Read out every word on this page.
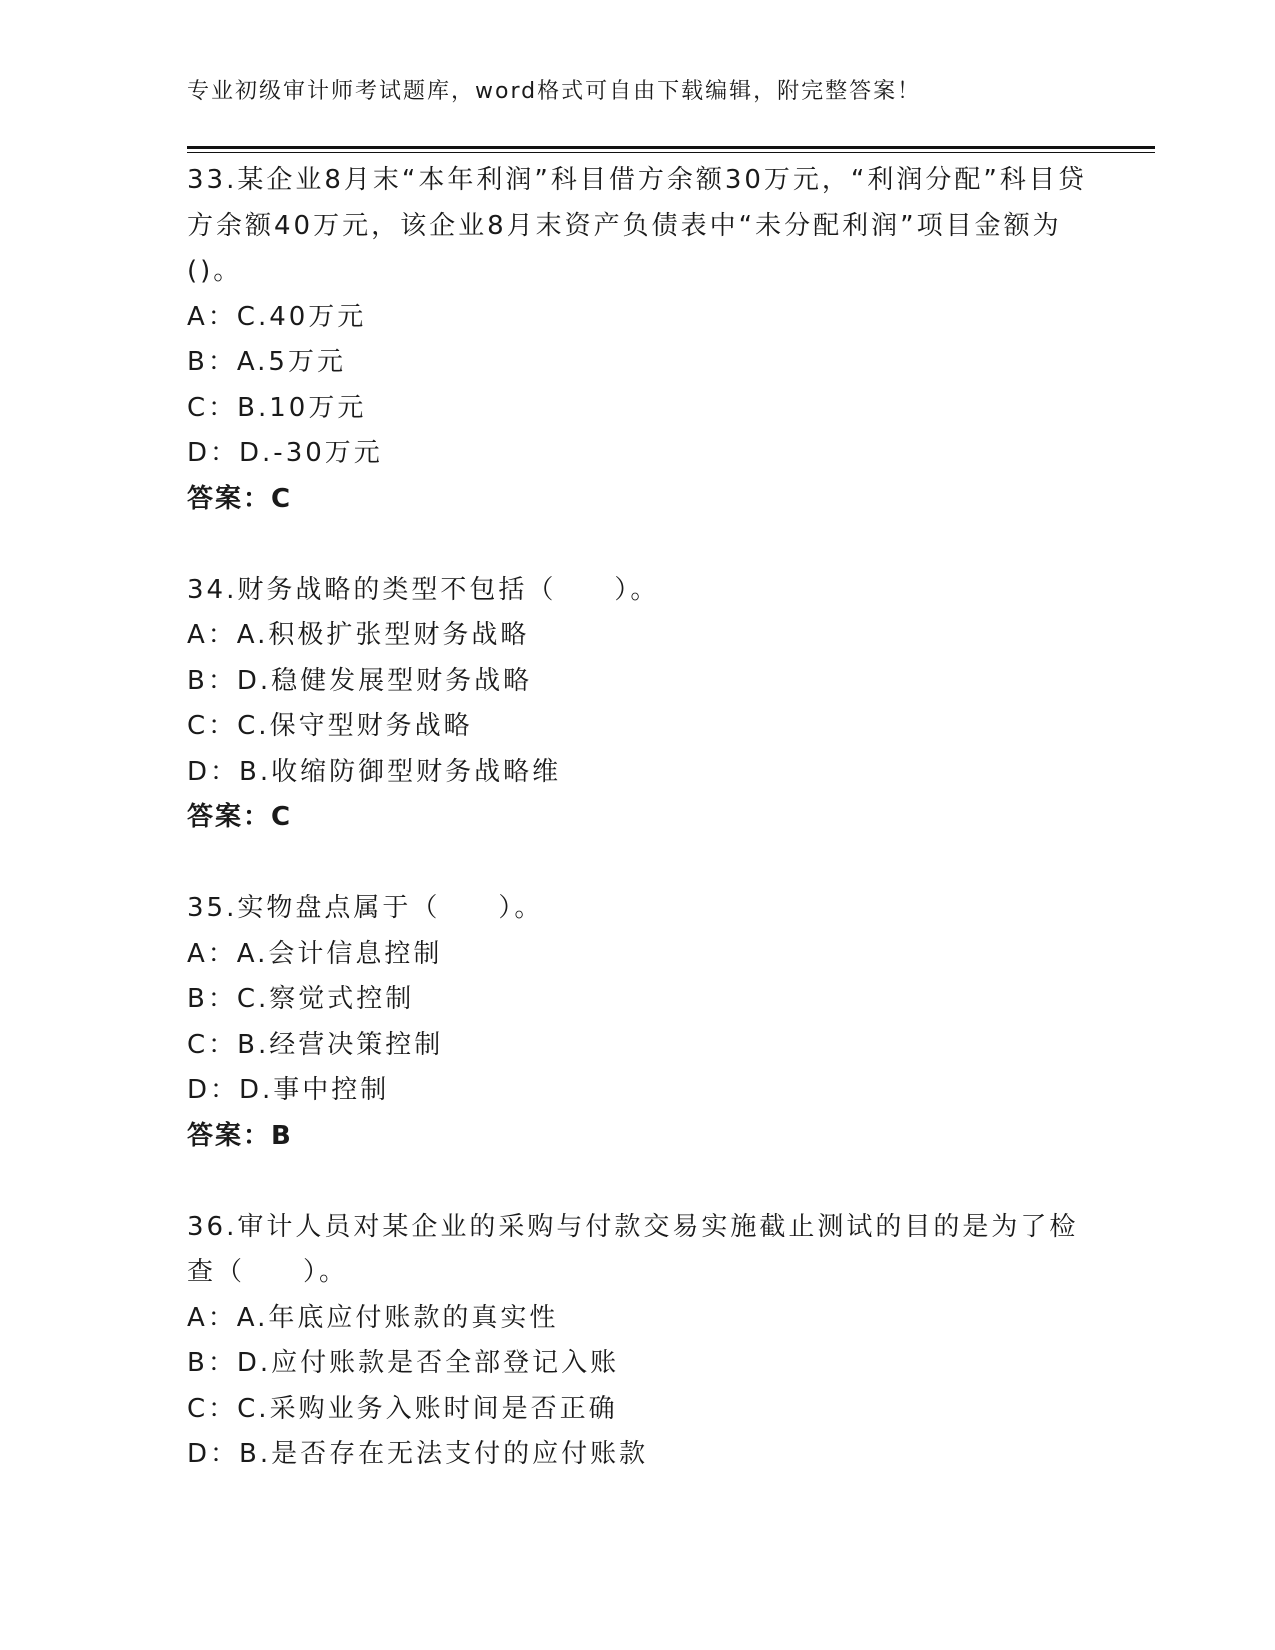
专业初级审计师考试题库，word格式可自由下载编辑，附完整答案！

33.某企业8月末“本年利润”科目借方余额30万元，“利润分配”科目贷方余额40万元，该企业8月末资产负债表中“未分配利润”项目金额为()。

A：C.40万元

B：A.5万元

C：B.10万元

D：D.-30万元

答案：C

34.财务战略的类型不包括（　　）。

A：A.积极扩张型财务战略

B：D.稳健发展型财务战略

C：C.保守型财务战略

D：B.收缩防御型财务战略维

答案：C

35.实物盘点属于（　　）。

A：A.会计信息控制

B：C.察觉式控制

C：B.经营决策控制

D：D.事中控制

答案：B

36.审计人员对某企业的采购与付款交易实施截止测试的目的是为了检查（　　）。

A：A.年底应付账款的真实性

B：D.应付账款是否全部登记入账

C：C.采购业务入账时间是否正确

D：B.是否存在无法支付的应付账款
